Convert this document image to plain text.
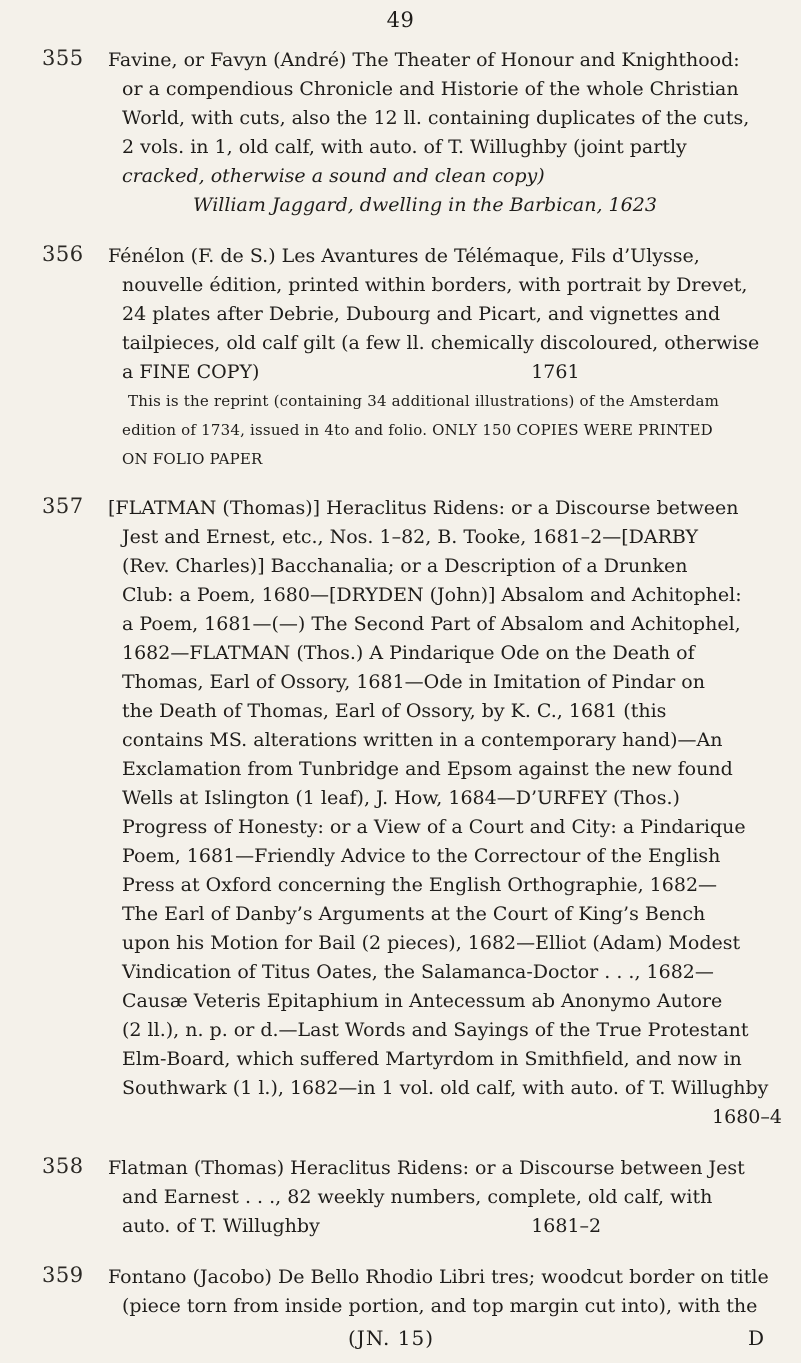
49
355 Favine, or Favyn (André) The Theater of Honour and Knighthood:
or a compendious Chronicle and Historie of the whole Christian
World, with cuts, also the 12 ll. containing duplicates of the cuts,
2 vols. in 1, old calf, with auto. of T. Willughby (joint partly
cracked, otherwise a sound and clean copy)
William Jaggard, dwelling in the Barbican, 1623
356 Fénélon (F. de S.) Les Avantures de Télémaque, Fils d’Ulysse,
nouvelle édition, printed within borders, with portrait by Drevet,
24 plates after Debrie, Dubourg and Picart, and vignettes and
tailpieces, old calf gilt (a few ll. chemically discoloured, otherwise
a FINE COPY)                                             1761
This is the reprint (containing 34 additional illustrations) of the Amsterdam
edition of 1734, issued in 4to and folio. ONLY 150 COPIES WERE PRINTED
ON FOLIO PAPER
357 [FLATMAN (Thomas)] Heraclitus Ridens: or a Discourse between
Jest and Ernest, etc., Nos. 1–82, B. Tooke, 1681–2—[DARBY
(Rev. Charles)] Bacchanalia; or a Description of a Drunken
Club: a Poem, 1680—[DRYDEN (John)] Absalom and Achitophel:
a Poem, 1681—(—) The Second Part of Absalom and Achitophel,
1682—FLATMAN (Thos.) A Pindarique Ode on the Death of
Thomas, Earl of Ossory, 1681—Ode in Imitation of Pindar on
the Death of Thomas, Earl of Ossory, by K. C., 1681 (this
contains MS. alterations written in a contemporary hand)—An
Exclamation from Tunbridge and Epsom against the new found
Wells at Islington (1 leaf), J. How, 1684—D’URFEY (Thos.)
Progress of Honesty: or a View of a Court and City: a Pindarique
Poem, 1681—Friendly Advice to the Correctour of the English
Press at Oxford concerning the English Orthographie, 1682—
The Earl of Danby’s Arguments at the Court of King’s Bench
upon his Motion for Bail (2 pieces), 1682—Elliot (Adam) Modest
Vindication of Titus Oates, the Salamanca-Doctor . . ., 1682—
Causæ Veteris Epitaphium in Antecessum ab Anonymo Autore
(2 ll.), n. p. or d.—Last Words and Sayings of the True Protestant
Elm-Board, which suffered Martyrdom in Smithfield, and now in
Southwark (1 l.), 1682—in 1 vol. old calf, with auto. of T. Willughby
1680–4
358 Flatman (Thomas) Heraclitus Ridens: or a Discourse between Jest
and Earnest . . ., 82 weekly numbers, complete, old calf, with
auto. of T. Willughby                                   1681–2
359 Fontano (Jacobo) De Bello Rhodio Libri tres; woodcut border on title
(piece torn from inside portion, and top margin cut into), with the
(JN. 15)	D
